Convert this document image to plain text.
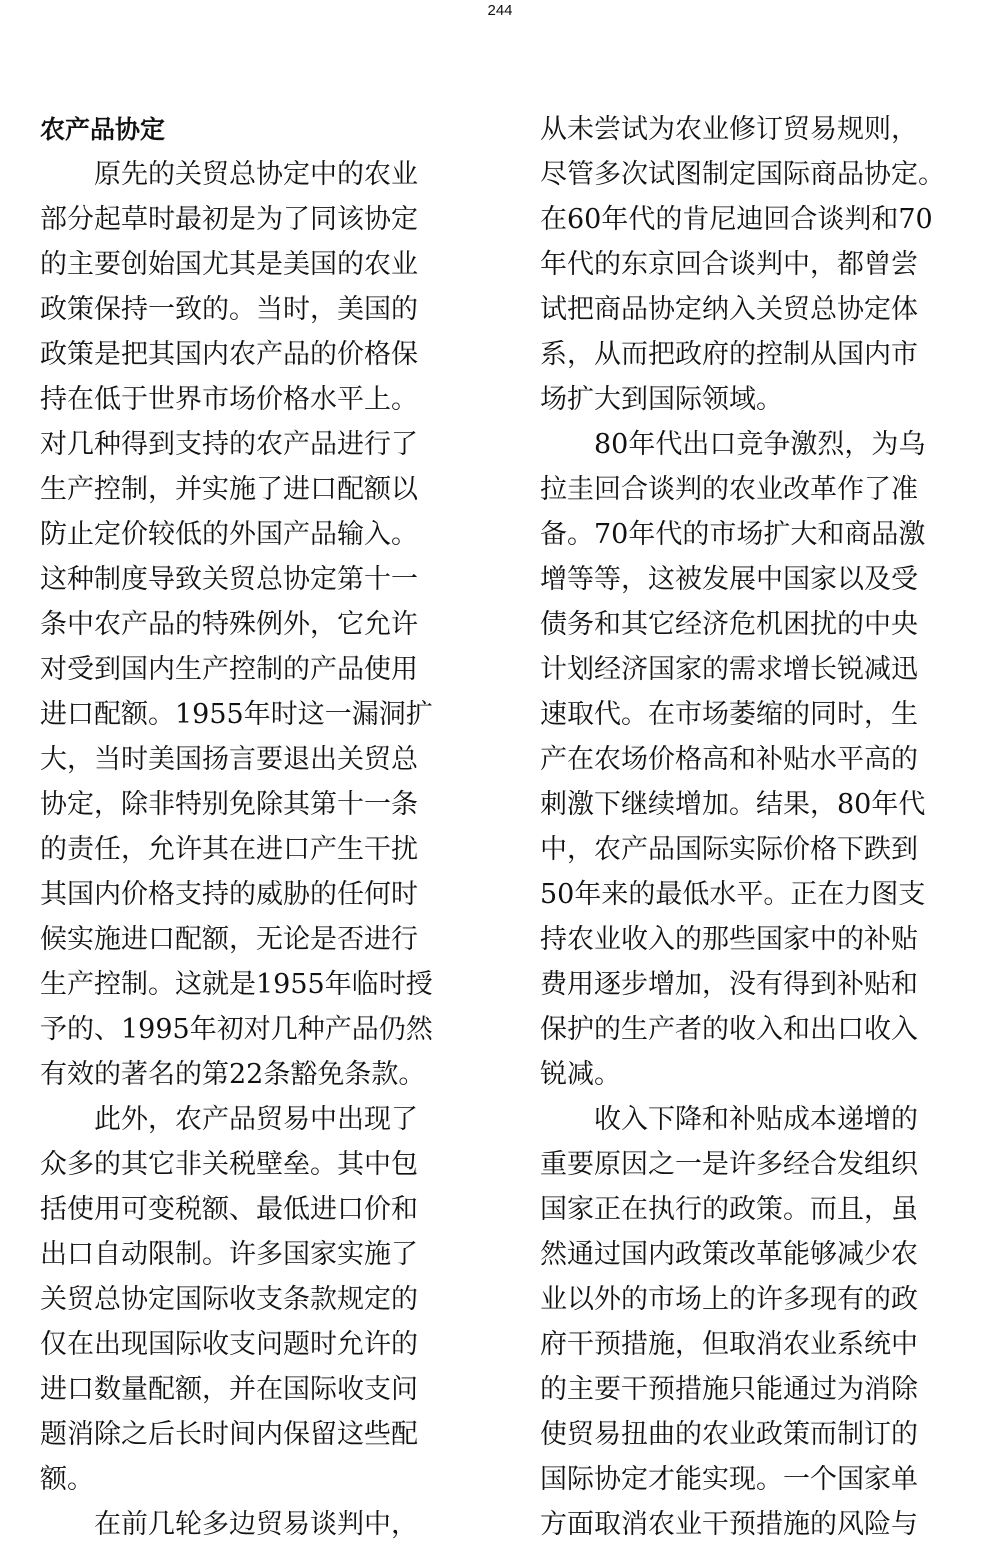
244
农产品协定
　　原先的关贸总协定中的农业
部分起草时最初是为了同该协定
的主要创始国尤其是美国的农业
政策保持一致的。当时，美国的
政策是把其国内农产品的价格保
持在低于世界市场价格水平上。
对几种得到支持的农产品进行了
生产控制，并实施了进口配额以
防止定价较低的外国产品输入。
这种制度导致关贸总协定第十一
条中农产品的特殊例外，它允许
对受到国内生产控制的产品使用
进口配额。1955年时这一漏洞扩
大，当时美国扬言要退出关贸总
协定，除非特别免除其第十一条
的责任，允许其在进口产生干扰
其国内价格支持的威胁的任何时
候实施进口配额，无论是否进行
生产控制。这就是1955年临时授
予的、1995年初对几种产品仍然
有效的著名的第22条豁免条款。
　　此外，农产品贸易中出现了
众多的其它非关税壁垒。其中包
括使用可变税额、最低进口价和
出口自动限制。许多国家实施了
关贸总协定国际收支条款规定的
仅在出现国际收支问题时允许的
进口数量配额，并在国际收支问
题消除之后长时间内保留这些配
额。
　　在前几轮多边贸易谈判中，
从未尝试为农业修订贸易规则，
尽管多次试图制定国际商品协定。
在60年代的肯尼迪回合谈判和70
年代的东京回合谈判中，都曾尝
试把商品协定纳入关贸总协定体
系，从而把政府的控制从国内市
场扩大到国际领域。
　　80年代出口竞争激烈，为乌
拉圭回合谈判的农业改革作了准
备。70年代的市场扩大和商品激
增等等，这被发展中国家以及受
债务和其它经济危机困扰的中央
计划经济国家的需求增长锐减迅
速取代。在市场萎缩的同时，生
产在农场价格高和补贴水平高的
刺激下继续增加。结果，80年代
中，农产品国际实际价格下跌到
50年来的最低水平。正在力图支
持农业收入的那些国家中的补贴
费用逐步增加，没有得到补贴和
保护的生产者的收入和出口收入
锐减。
　　收入下降和补贴成本递增的
重要原因之一是许多经合发组织
国家正在执行的政策。而且，虽
然通过国内政策改革能够减少农
业以外的市场上的许多现有的政
府干预措施，但取消农业系统中
的主要干预措施只能通过为消除
使贸易扭曲的农业政策而制订的
国际协定才能实现。一个国家单
方面取消农业干预措施的风险与
